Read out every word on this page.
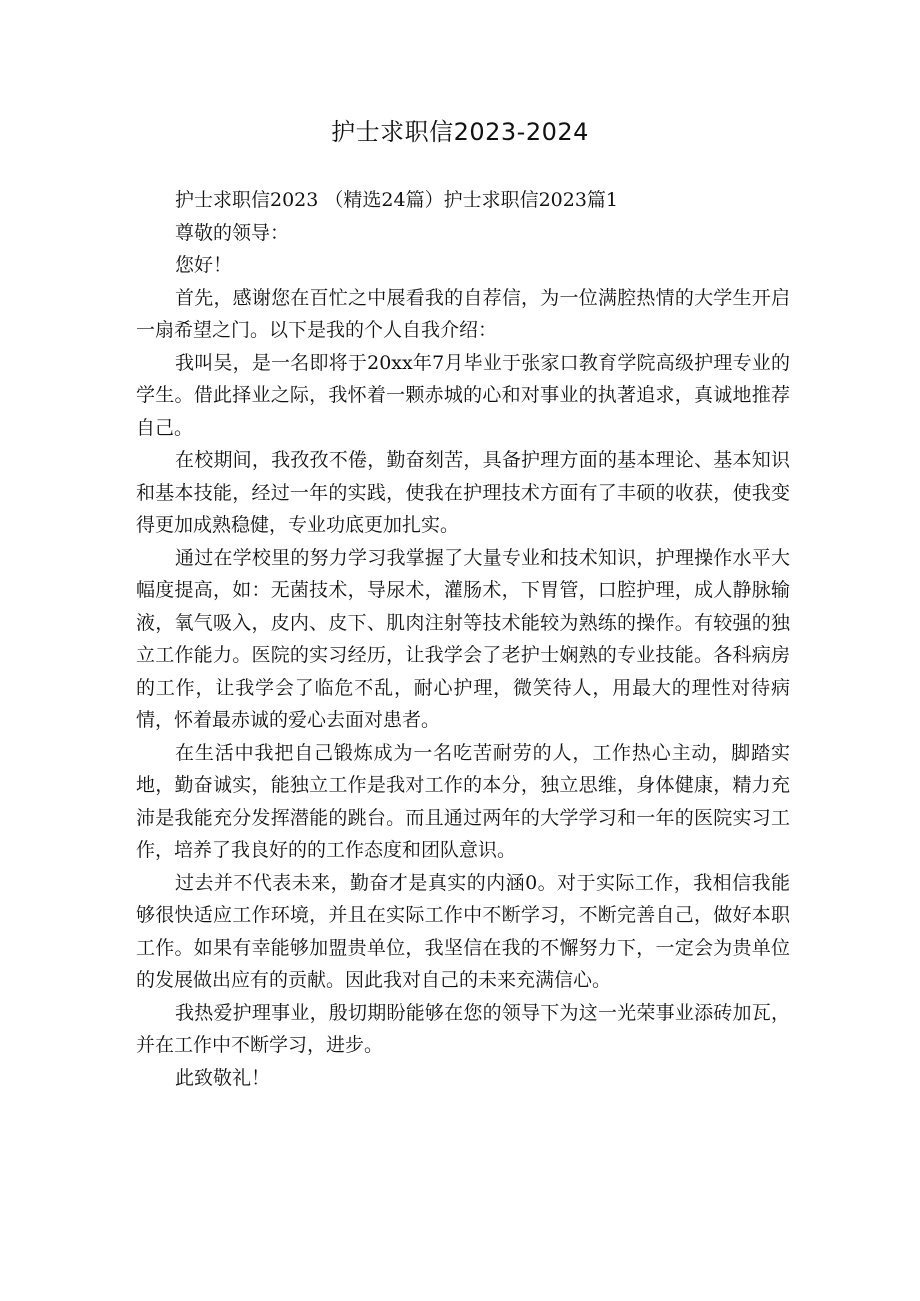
护士求职信2023-2024

护士求职信2023 （精选24篇）护士求职信2023篇1

尊敬的领导：

您好！

首先，感谢您在百忙之中展看我的自荐信，为一位满腔热情的大学生开启一扇希望之门。以下是我的个人自我介绍：

我叫吴，是一名即将于20xx年7月毕业于张家口教育学院高级护理专业的学生。借此择业之际，我怀着一颗赤城的心和对事业的执著追求，真诚地推荐自己。

在校期间，我孜孜不倦，勤奋刻苦，具备护理方面的基本理论、基本知识和基本技能，经过一年的实践，使我在护理技术方面有了丰硕的收获，使我变得更加成熟稳健，专业功底更加扎实。

通过在学校里的努力学习我掌握了大量专业和技术知识，护理操作水平大幅度提高，如：无菌技术，导尿术，灌肠术，下胃管，口腔护理，成人静脉输液，氧气吸入，皮内、皮下、肌肉注射等技术能较为熟练的操作。有较强的独立工作能力。医院的实习经历，让我学会了老护士娴熟的专业技能。各科病房的工作，让我学会了临危不乱，耐心护理，微笑待人，用最大的理性对待病情，怀着最赤诚的爱心去面对患者。

在生活中我把自己锻炼成为一名吃苦耐劳的人，工作热心主动，脚踏实地，勤奋诚实，能独立工作是我对工作的本分，独立思维，身体健康，精力充沛是我能充分发挥潜能的跳台。而且通过两年的大学学习和一年的医院实习工作，培养了我良好的的工作态度和团队意识。

过去并不代表未来，勤奋才是真实的内涵0。对于实际工作，我相信我能够很快适应工作环境，并且在实际工作中不断学习，不断完善自己，做好本职工作。如果有幸能够加盟贵单位，我坚信在我的不懈努力下，一定会为贵单位的发展做出应有的贡献。因此我对自己的未来充满信心。

我热爱护理事业，殷切期盼能够在您的领导下为这一光荣事业添砖加瓦，并在工作中不断学习，进步。

此致敬礼！
